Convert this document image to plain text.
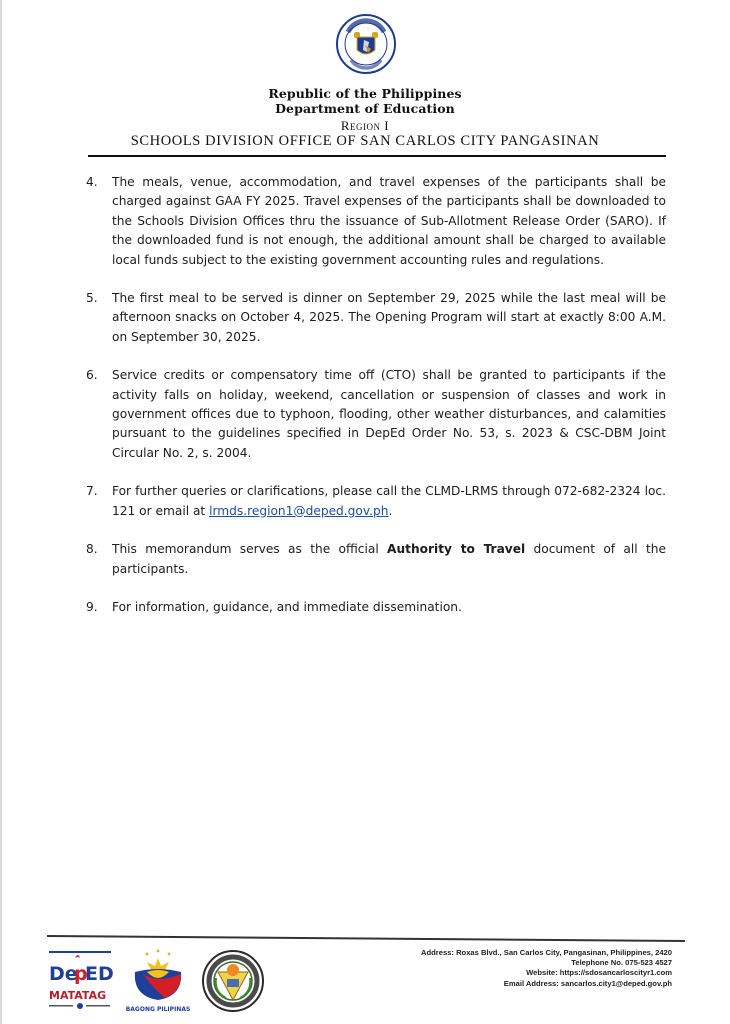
Republic of the Philippines
Department of Education
Region I
SCHOOLS DIVISION OFFICE OF SAN CARLOS CITY PANGASINAN
4. The meals, venue, accommodation, and travel expenses of the participants shall be charged against GAA FY 2025. Travel expenses of the participants shall be downloaded to the Schools Division Offices thru the issuance of Sub-Allotment Release Order (SARO). If the downloaded fund is not enough, the additional amount shall be charged to available local funds subject to the existing government accounting rules and regulations.

5. The first meal to be served is dinner on September 29, 2025 while the last meal will be afternoon snacks on October 4, 2025. The Opening Program will start at exactly 8:00 A.M. on September 30, 2025.

6. Service credits or compensatory time off (CTO) shall be granted to participants if the activity falls on holiday, weekend, cancellation or suspension of classes and work in government offices due to typhoon, flooding, other weather disturbances, and calamities pursuant to the guidelines specified in DepEd Order No. 53, s. 2023 & CSC-DBM Joint Circular No. 2, s. 2004.

7. For further queries or clarifications, please call the CLMD-LRMS through 072-682-2324 loc. 121 or email at lrmds.region1@deped.gov.ph.

8. This memorandum serves as the official Authority to Travel document of all the participants.

9. For information, guidance, and immediate dissemination.

De
p
ED
MATATAG
BAGONG PILIPINAS
Address: Roxas Blvd., San Carlos City, Pangasinan, Philippines, 2420
Telephone No. 075-523 4527
Website: https://sdosancarloscityr1.com
Email Address: sancarlos.city1@deped.gov.ph
